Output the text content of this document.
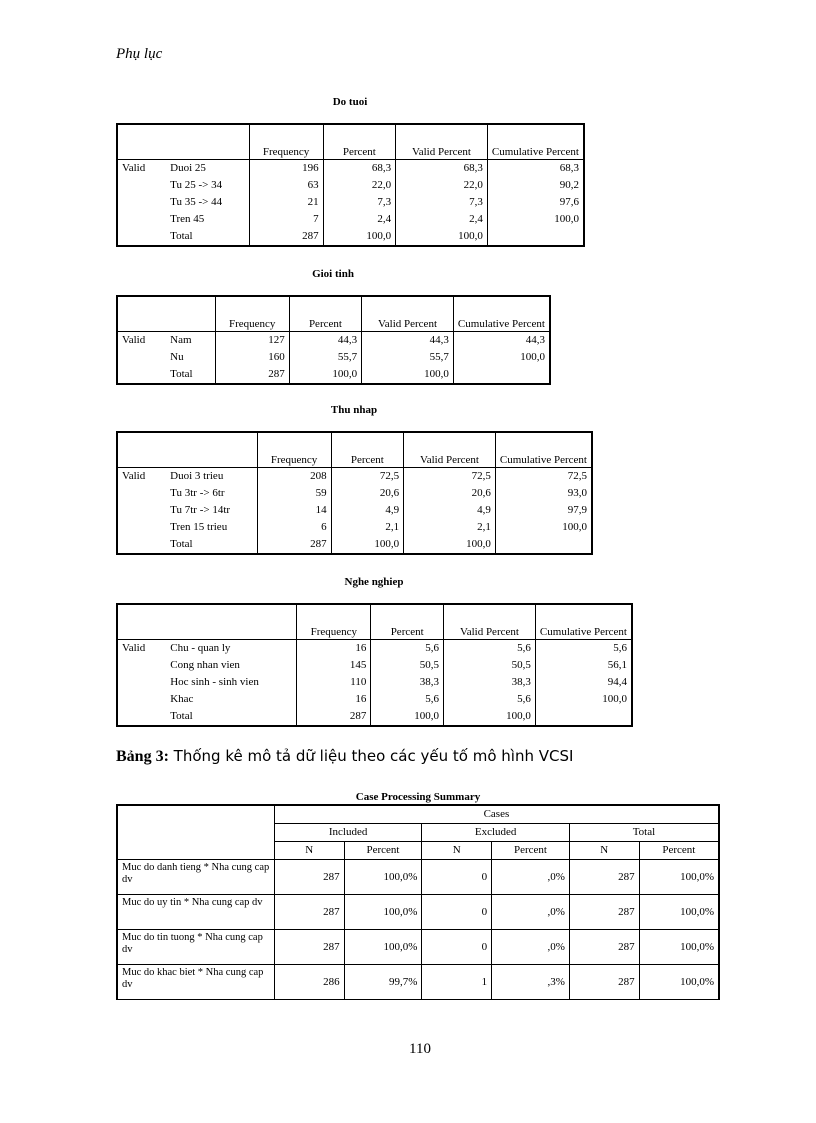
Phụ lục
Do tuoi
		Frequency	Percent	Valid Percent	Cumulative Percent
Valid	Duoi 25	196	68,3	68,3	68,3
	Tu 25 -> 34	63	22,0	22,0	90,2
	Tu 35 -> 44	21	7,3	7,3	97,6
	Tren 45	7	2,4	2,4	100,0
	Total	287	100,0	100,0	
Gioi tinh
		Frequency	Percent	Valid Percent	Cumulative Percent
Valid	Nam	127	44,3	44,3	44,3
	Nu	160	55,7	55,7	100,0
	Total	287	100,0	100,0	
Thu nhap
		Frequency	Percent	Valid Percent	Cumulative Percent
Valid	Duoi 3 trieu	208	72,5	72,5	72,5
	Tu 3tr -> 6tr	59	20,6	20,6	93,0
	Tu 7tr -> 14tr	14	4,9	4,9	97,9
	Tren 15 trieu	6	2,1	2,1	100,0
	Total	287	100,0	100,0	
Nghe nghiep
		Frequency	Percent	Valid Percent	Cumulative Percent
Valid	Chu - quan ly	16	5,6	5,6	5,6
	Cong nhan vien	145	50,5	50,5	56,1
	Hoc sinh - sinh vien	110	38,3	38,3	94,4
	Khac	16	5,6	5,6	100,0
	Total	287	100,0	100,0	
Bảng 3: Thống kê mô tả dữ liệu theo các yếu tố mô hình VCSI
Case Processing Summary
	Cases					
	Included		Excluded		Total	
	N	Percent	N	Percent	N	Percent
Muc do danh tieng * Nha cung cap dv	287	100,0%	0	,0%	287	100,0%
Muc do uy tin * Nha cung cap dv	287	100,0%	0	,0%	287	100,0%
Muc do tin tuong * Nha cung cap dv	287	100,0%	0	,0%	287	100,0%
Muc do khac biet * Nha cung cap dv	286	99,7%	1	,3%	287	100,0%
110
